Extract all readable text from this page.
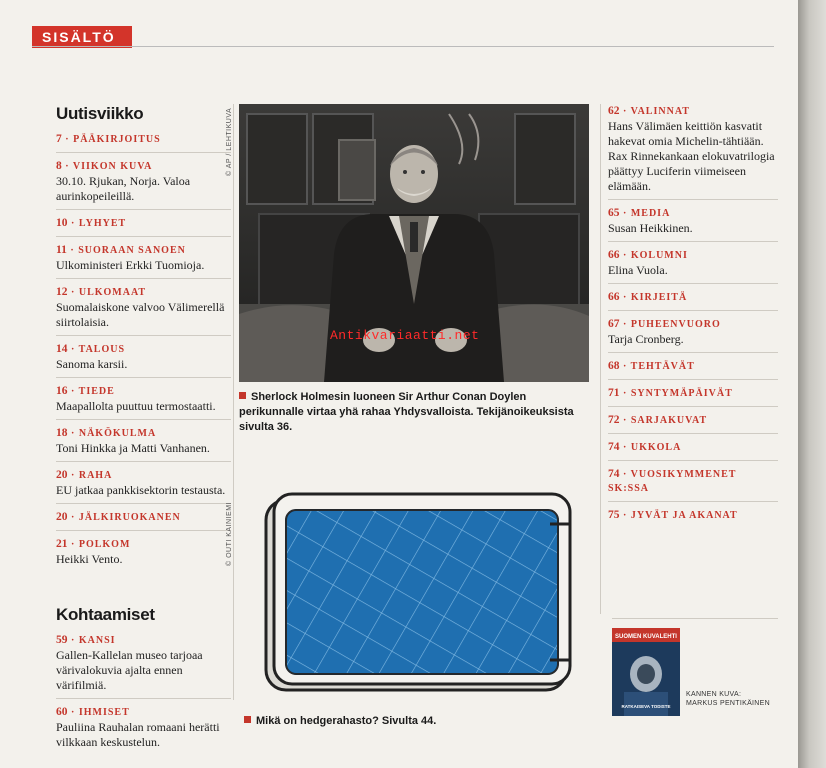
SISÄLTÖ
Uutisviikko
7 · PÄÄKIRJOITUS
8 · VIIKON KUVA
30.10. Rjukan, Norja. Valoa aurinkopeileillä.
10 · LYHYET
11 · SUORAAN SANOEN
Ulkoministeri Erkki Tuomioja.
12 · ULKOMAAT
Suomalaiskone valvoo Välimerellä siirtolaisia.
14 · TALOUS
Sanoma karsii.
16 · TIEDE
Maapallolta puuttuu termostaatti.
18 · NÄKÖKULMA
Toni Hinkka ja Matti Vanhanen.
20 · RAHA
EU jatkaa pankkisektorin testausta.
20 · JÄLKIRUOKANEN
21 · POLKOM
Heikki Vento.
Kohtaamiset
59 · KANSI
Gallen-Kallelan museo tarjoaa värivalokuvia ajalta ennen värifilmiä.
60 · IHMISET
Pauliina Rauhalan romaani herätti vilkkaan keskustelun.
© AP / LEHTIKUVA
Sherlock Holmesin luoneen Sir Arthur Conan Doylen perikunnalle virtaa yhä rahaa Yhdysvalloista. Tekijänoikeuksista sivulta 36.
Antikvariaatti.net
© OUTI KAINIEMI
Mikä on hedgerahasto? Sivulta 44.
62 · VALINNAT
Hans Välimäen keittiön kasvatit hakevat omia Michelin-tähtiään. Rax Rinnekankaan elokuvatrilogia päättyy Luciferin viimeiseen elämään.
65 · MEDIA
Susan Heikkinen.
66 · KOLUMNI
Elina Vuola.
66 · KIRJEITÄ
67 · PUHEENVUORO
Tarja Cronberg.
68 · TEHTÄVÄT
71 · SYNTYMÄPÄIVÄT
72 · SARJAKUVAT
74 · UKKOLA
74 · VUOSIKYMMENET SK:SSA
75 · JYVÄT JA AKANAT
SUOMEN KUVALEHTI
RATKAISEVA TODISTE
KANNEN KUVA:
MARKUS PENTIKÄINEN
